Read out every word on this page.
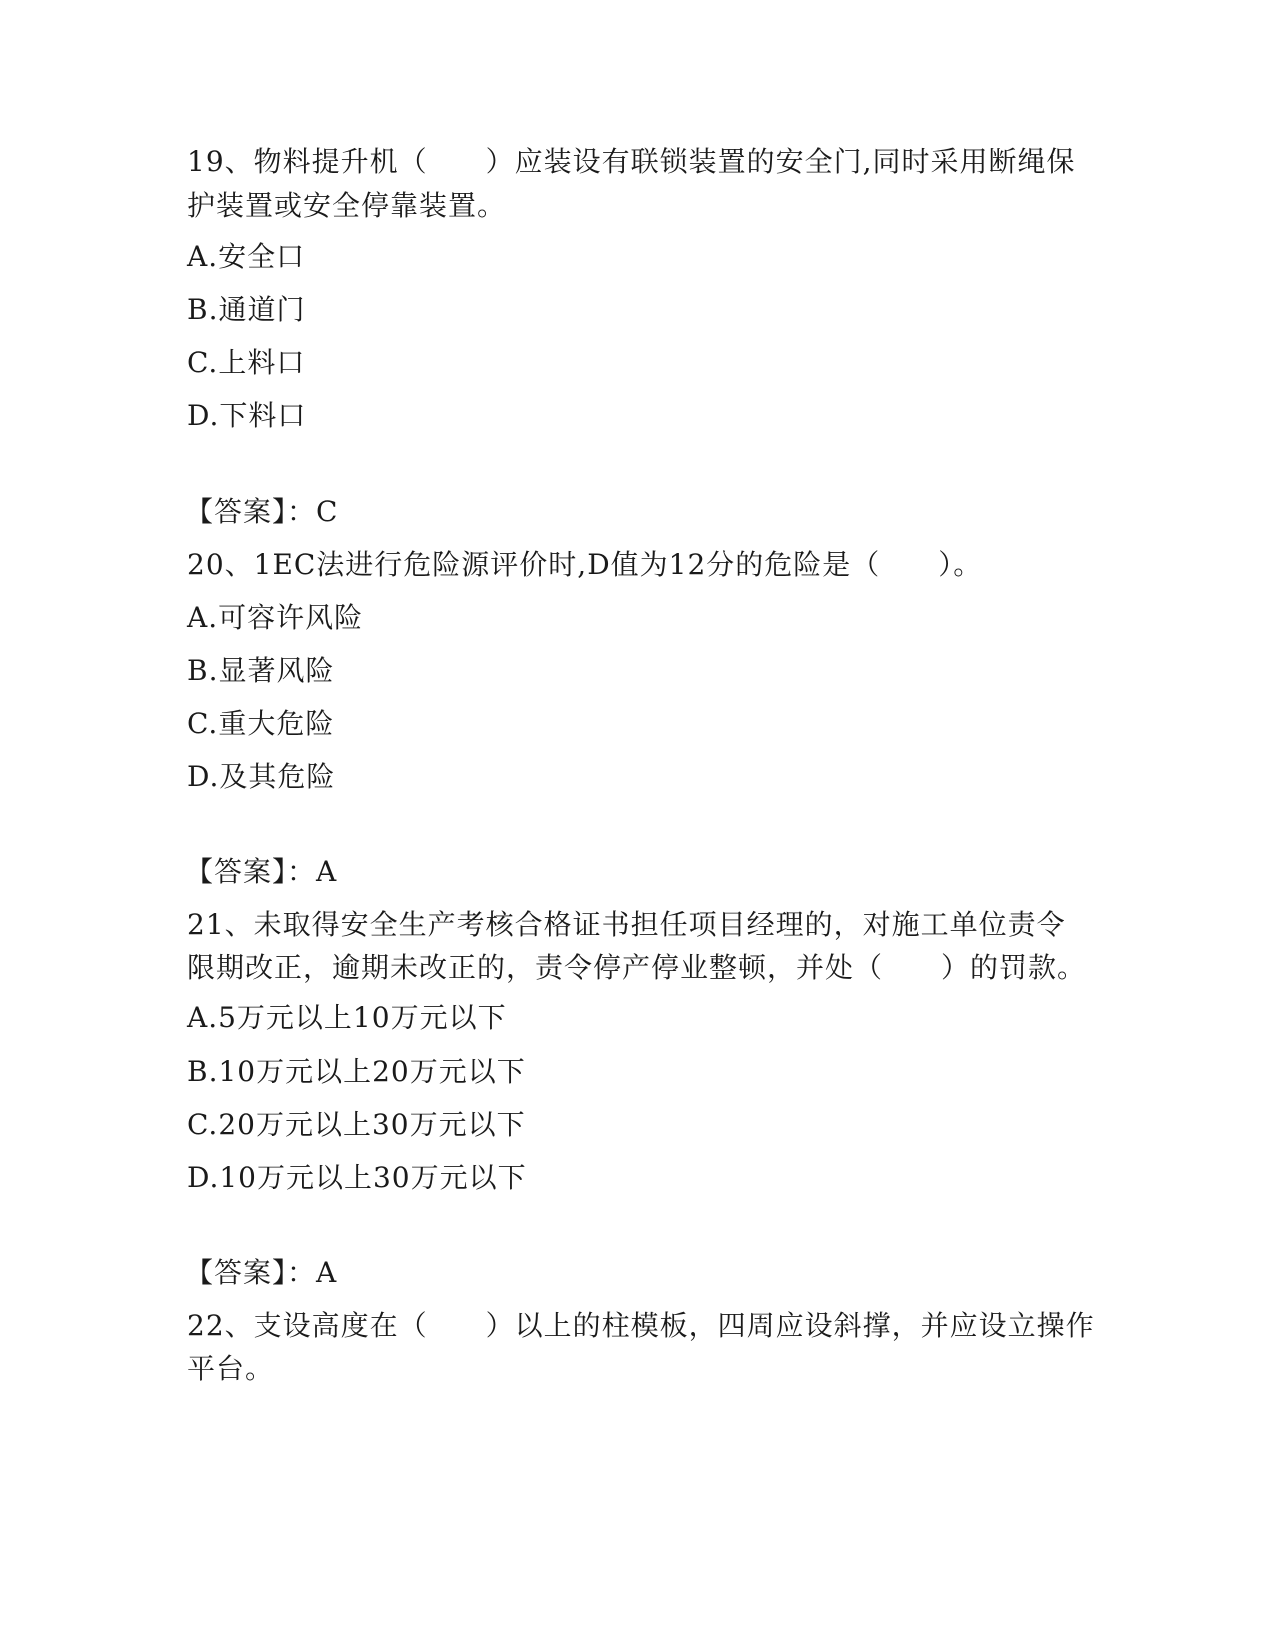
19、物料提升机（　　）应装设有联锁装置的安全门,同时采用断绳保
护装置或安全停靠装置。
A.安全口
B.通道门
C.上料口
D.下料口
【答案】：C
20、1EC法进行危险源评价时,D值为12分的危险是（　　）。
A.可容许风险
B.显著风险
C.重大危险
D.及其危险
【答案】：A
21、未取得安全生产考核合格证书担任项目经理的，对施工单位责令
限期改正，逾期未改正的，责令停产停业整顿，并处（　　）的罚款。
A.5万元以上10万元以下
B.10万元以上20万元以下
C.20万元以上30万元以下
D.10万元以上30万元以下
【答案】：A
22、支设高度在（　　）以上的柱模板，四周应设斜撑，并应设立操作
平台。
